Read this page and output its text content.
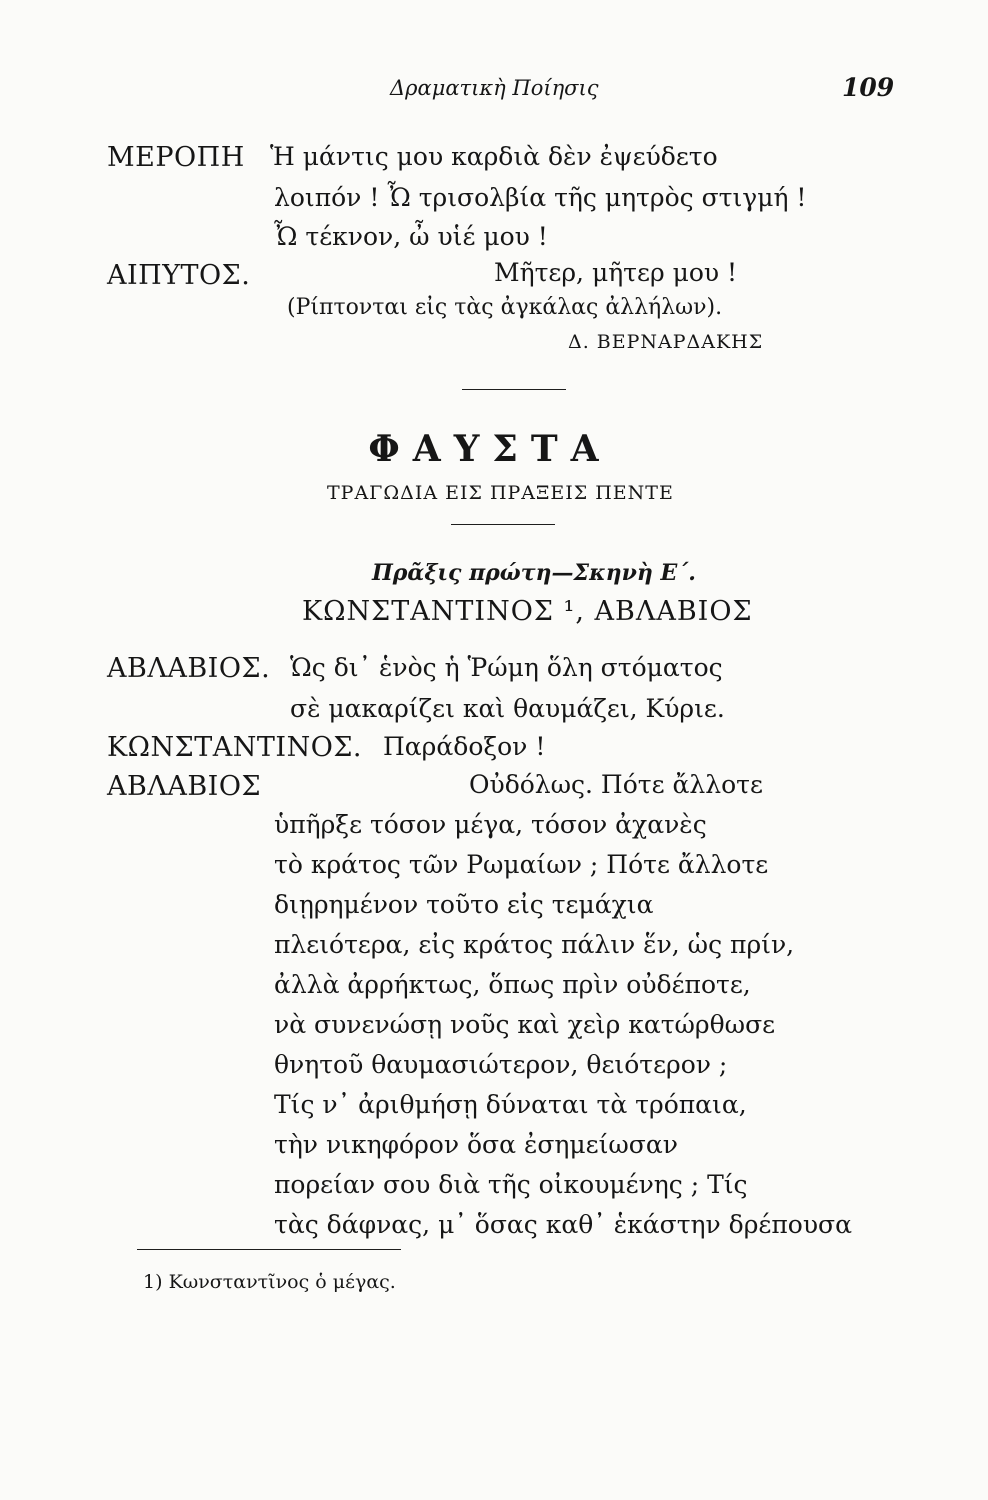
Δραματικὴ Ποίησις	109
ΜΕΡΟΠΗ Ἡ μάντις μου καρδιὰ δὲν ἐψεύδετο
λοιπόν ! Ὦ τρισολβία τῆς μητρὸς στιγμή !
Ὦ τέκνον, ὦ υἱέ μου !
ΑΙΠΥΤΟΣ.	Μῆτερ, μῆτερ μου !
(Ρίπτονται εἰς τὰς ἀγκάλας ἀλλήλων).
Δ. ΒΕΡΝΑΡΔΑΚΗΣ
ΦΑΥΣΤΑ
ΤΡΑΓΩΔΙΑ ΕΙΣ ΠΡΑΞΕΙΣ ΠΕΝΤΕ
Πρᾶξις πρώτη—Σκηνὴ Ε΄.
ΚΩΝΣΤΑΝΤΙΝΟΣ ¹, ΑΒΛΑΒΙΟΣ
ΑΒΛΑΒΙΟΣ. Ὡς δι᾿ ἑνὸς ἡ Ῥώμη ὅλη στόματος
σὲ μακαρίζει καὶ θαυμάζει, Κύριε.
ΚΩΝΣΤΑΝΤΙΝΟΣ. Παράδοξον !
ΑΒΛΑΒΙΟΣ	Οὐδόλως. Πότε ἄλλοτε
ὑπῆρξε τόσον μέγα, τόσον ἀχανὲς
τὸ κράτος τῶν Ρωμαίων ; Πότε ἄλλοτε
διῃρημένον τοῦτο εἰς τεμάχια
πλειότερα, εἰς κράτος πάλιν ἕν, ὡς πρίν,
ἀλλὰ ἀρρήκτως, ὅπως πρὶν οὐδέποτε,
νὰ συνενώσῃ νοῦς καὶ χεὶρ κατώρθωσε
θνητοῦ θαυμασιώτερον, θειότερον ;
Τίς ν᾿ ἀριθμήσῃ δύναται τὰ τρόπαια,
τὴν νικηφόρον ὅσα ἐσημείωσαν
πορείαν σου διὰ τῆς οἰκουμένης ; Τίς
τὰς δάφνας, μ᾿ ὅσας καθ᾿ ἑκάστην δρέπουσα
1) Κωνσταντῖνος ὁ μέγας.
